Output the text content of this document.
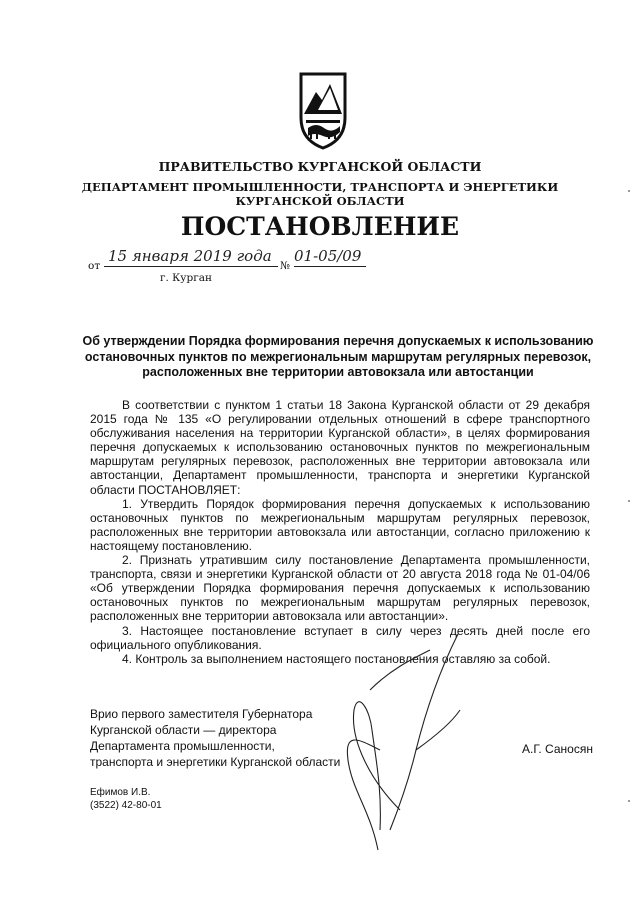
ПРАВИТЕЛЬСТВО КУРГАНСКОЙ ОБЛАСТИ
ДЕПАРТАМЕНТ ПРОМЫШЛЕННОСТИ, ТРАНСПОРТА И ЭНЕРГЕТИКИ
КУРГАНСКОЙ ОБЛАСТИ
ПОСТАНОВЛЕНИЕ
от
15 января 2019 года
№
01-05/09
г. Курган
Об утверждении Порядка формирования перечня допускаемых к использованию остановочных пунктов по межрегиональным маршрутам регулярных перевозок, расположенных вне территории автовокзала или автостанции

В соответствии с пунктом 1 статьи 18 Закона Курганской области от 29 декабря 2015 года № 135 «О регулировании отдельных отношений в сфере транспортного обслуживания населения на территории Курганской области», в целях формирования перечня допускаемых к использованию остановочных пунктов по межрегиональным маршрутам регулярных перевозок, расположенных вне территории автовокзала или автостанции, Департамент промышленности, транспорта и энергетики Курганской области ПОСТАНОВЛЯЕТ:

1. Утвердить Порядок формирования перечня допускаемых к использованию остановочных пунктов по межрегиональным маршрутам регулярных перевозок, расположенных вне территории автовокзала или автостанции, согласно приложению к настоящему постановлению.

2. Признать утратившим силу постановление Департамента промышленности, транспорта, связи и энергетики Курганской области от 20 августа 2018 года № 01-04/06 «Об утверждении Порядка формирования перечня допускаемых к использованию остановочных пунктов по межрегиональным маршрутам регулярных перевозок, расположенных вне территории автовокзала или автостанции».

3. Настоящее постановление вступает в силу через десять дней после его официального опубликования.

4. Контроль за выполнением настоящего постановления оставляю за собой.

Врио первого заместителя Губернатора
Курганской области — директора
Департамента промышленности,
транспорта и энергетики Курганской области
А.Г. Саносян
Ефимов И.В.
(3522) 42-80-01
